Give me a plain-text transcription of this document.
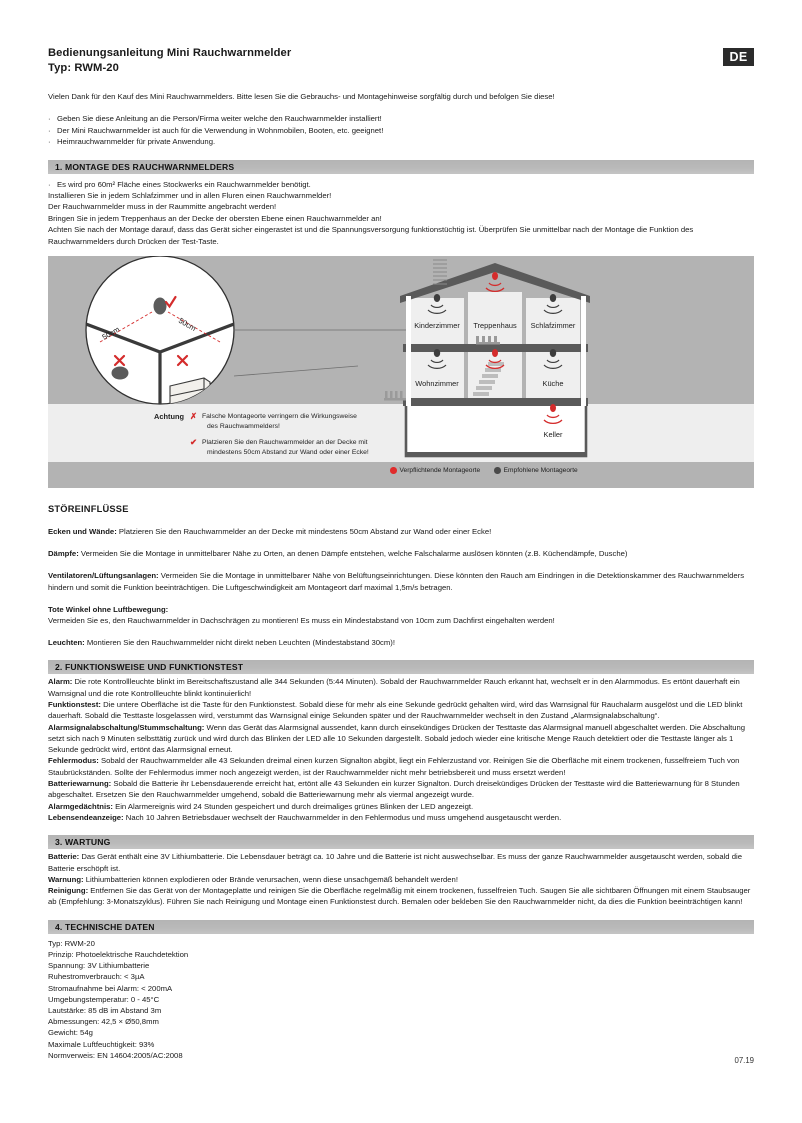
Bedienungsanleitung Mini Rauchwarnmelder
Typ: RWM-20
DE
Vielen Dank für den Kauf des Mini Rauchwarnmelders. Bitte lesen Sie die Gebrauchs- und Montagehinweise sorgfältig durch und befolgen Sie diese!
· Geben Sie diese Anleitung an die Person/Firma weiter welche den Rauchwarnmelder installiert!
· Der Mini Rauchwarnmelder ist auch für die Verwendung in Wohnmobilen, Booten, etc. geeignet!
· Heimrauchwarnmelder für private Anwendung.
1. MONTAGE DES RAUCHWARNMELDERS
· Es wird pro 60m² Fläche eines Stockwerks ein Rauchwarnmelder benötigt.
Installieren Sie in jedem Schlafzimmer und in allen Fluren einen Rauchwarnmelder!
Der Rauchwarnmelder muss in der Raummitte angebracht werden!
Bringen Sie in jedem Treppenhaus an der Decke der obersten Ebene einen Rauchwarnmelder an!
Achten Sie nach der Montage darauf, dass das Gerät sicher eingerastet ist und die Spannungsversorgung funktionstüchtig ist. Überprüfen Sie unmittelbar nach der Montage die Funktion des Rauchwarnmelders durch Drücken der Test-Taste.
50cm
50cm	Kinderzimmer Treppenhaus Schlafzimmer
Wohnzimmer	Küche
Keller
Achtung ✗ Falsche Montageorte verringern die Wirkungsweise

des Rauchwammelders!
✔ Platzieren Sie den Rauchwarnmelder an der Decke mit

mindestens 50cm Abstand zur Wand oder einer Ecke!
Verpflichtende Montageorte	Empfohlene Montageorte
STÖREINFLÜSSE
Ecken und Wände: Platzieren Sie den Rauchwarnmelder an der Decke mit mindestens 50cm Abstand zur Wand oder einer Ecke!
Dämpfe: Vermeiden Sie die Montage in unmittelbarer Nähe zu Orten, an denen Dämpfe entstehen, welche Falschalarme auslösen könnten (z.B. Küchendämpfe, Dusche)
Ventilatoren/Lüftungsanlagen: Vermeiden Sie die Montage in unmittelbarer Nähe von Belüftungseinrichtungen. Diese könnten den Rauch am Eindringen in die Detektionskammer des Rauchwarnmelders hindern und somit die Funktion beeinträchtigen. Die Luftgeschwindigkeit am Montageort darf maximal 1,5m/s betragen.
Tote Winkel ohne Luftbewegung:
Vermeiden Sie es, den Rauchwarnmelder in Dachschrägen zu montieren! Es muss ein Mindestabstand von 10cm zum Dachfirst eingehalten werden!
Leuchten: Montieren Sie den Rauchwarnmelder nicht direkt neben Leuchten (Mindestabstand 30cm)!
2. FUNKTIONSWEISE UND FUNKTIONSTEST

Alarm: Die rote Kontrollleuchte blinkt im Bereitschaftszustand alle 344 Sekunden (5:44 Minuten). Sobald der Rauchwarnmelder Rauch erkannt hat, wechselt er in den Alarmmodus. Es ertönt dauerhaft ein Warnsignal und die rote Kontrollleuchte blinkt kontinuierlich!

Funktionstest: Die untere Oberfläche ist die Taste für den Funktionstest. Sobald diese für mehr als eine Sekunde gedrückt gehalten wird, wird das Warnsignal für Rauchalarm ausgelöst und die LED blinkt dauerhaft. Sobald die Testtaste losgelassen wird, verstummt das Warnsignal einige Sekunden später und der Rauchwarnmelder wechselt in den Zustand „Alarmsignalabschaltung“.

Alarmsignalabschaltung/Stummschaltung: Wenn das Gerät das Alarmsignal aussendet, kann durch einsekündiges Drücken der Testtaste das Alarmsignal manuell abgeschaltet werden. Die Abschaltung setzt sich nach 9 Minuten selbsttätig zurück und wird durch das Blinken der LED alle 10 Sekunden dargestellt. Sobald jedoch wieder eine kritische Menge Rauch detektiert oder die Testtaste länger als 1 Sekunde gedrückt wird, ertönt das Alarmsignal erneut.

Fehlermodus: Sobald der Rauchwarnmelder alle 43 Sekunden dreimal einen kurzen Signalton abgibt, liegt ein Fehlerzustand vor. Reinigen Sie die Oberfläche mit einem trockenen, fusselfreiem Tuch von Staubrückständen. Sollte der Fehlermodus immer noch angezeigt werden, ist der Rauchwarnmelder nicht mehr betriebsbereit und muss ersetzt werden!

Batteriewarnung: Sobald die Batterie ihr Lebensdauerende erreicht hat, ertönt alle 43 Sekunden ein kurzer Signalton. Durch dreisekündiges Drücken der Testtaste wird die Batteriewarnung für 8 Stunden abgeschaltet. Ersetzen Sie den Rauchwarnmelder umgehend, sobald die Batteriewarnung mehr als viermal angezeigt wurde.

Alarmgedächtnis: Ein Alarmereignis wird 24 Stunden gespeichert und durch dreimaliges grünes Blinken der LED angezeigt.

Lebensendeanzeige: Nach 10 Jahren Betriebsdauer wechselt der Rauchwarnmelder in den Fehlermodus und muss umgehend ausgetauscht werden.

3. WARTUNG

Batterie: Das Gerät enthält eine 3V Lithiumbatterie. Die Lebensdauer beträgt ca. 10 Jahre und die Batterie ist nicht auswechselbar. Es muss der ganze Rauchwarnmelder ausgetauscht werden, sobald die Batterie erschöpft ist.

Warnung: Lithiumbatterien können explodieren oder Brände verursachen, wenn diese unsachgemäß behandelt werden!

Reinigung: Entfernen Sie das Gerät von der Montageplatte und reinigen Sie die Oberfläche regelmäßig mit einem trockenen, fusselfreien Tuch. Saugen Sie alle sichtbaren Öffnungen mit einem Staubsauger ab (Empfehlung: 3-Monatszyklus). Führen Sie nach Reinigung und Montage einen Funktionstest durch. Bemalen oder bekleben Sie den Rauchwarnmelder nicht, da dies die Funktion beeinträchtigen kann!

4. TECHNISCHE DATEN
Typ: RWM-20
Prinzip: Photoelektrische Rauchdetektion
Spannung: 3V Lithiumbatterie
Ruhestromverbrauch: < 3µA
Stromaufnahme bei Alarm: < 200mA
Umgebungstemperatur: 0 - 45°C
Lautstärke: 85 dB im Abstand 3m
Abmessungen: 42,5 × Ø50,8mm
Gewicht: 54g
Maximale Luftfeuchtigkeit: 93%
Normverweis: EN 14604:2005/AC:2008
07.19
